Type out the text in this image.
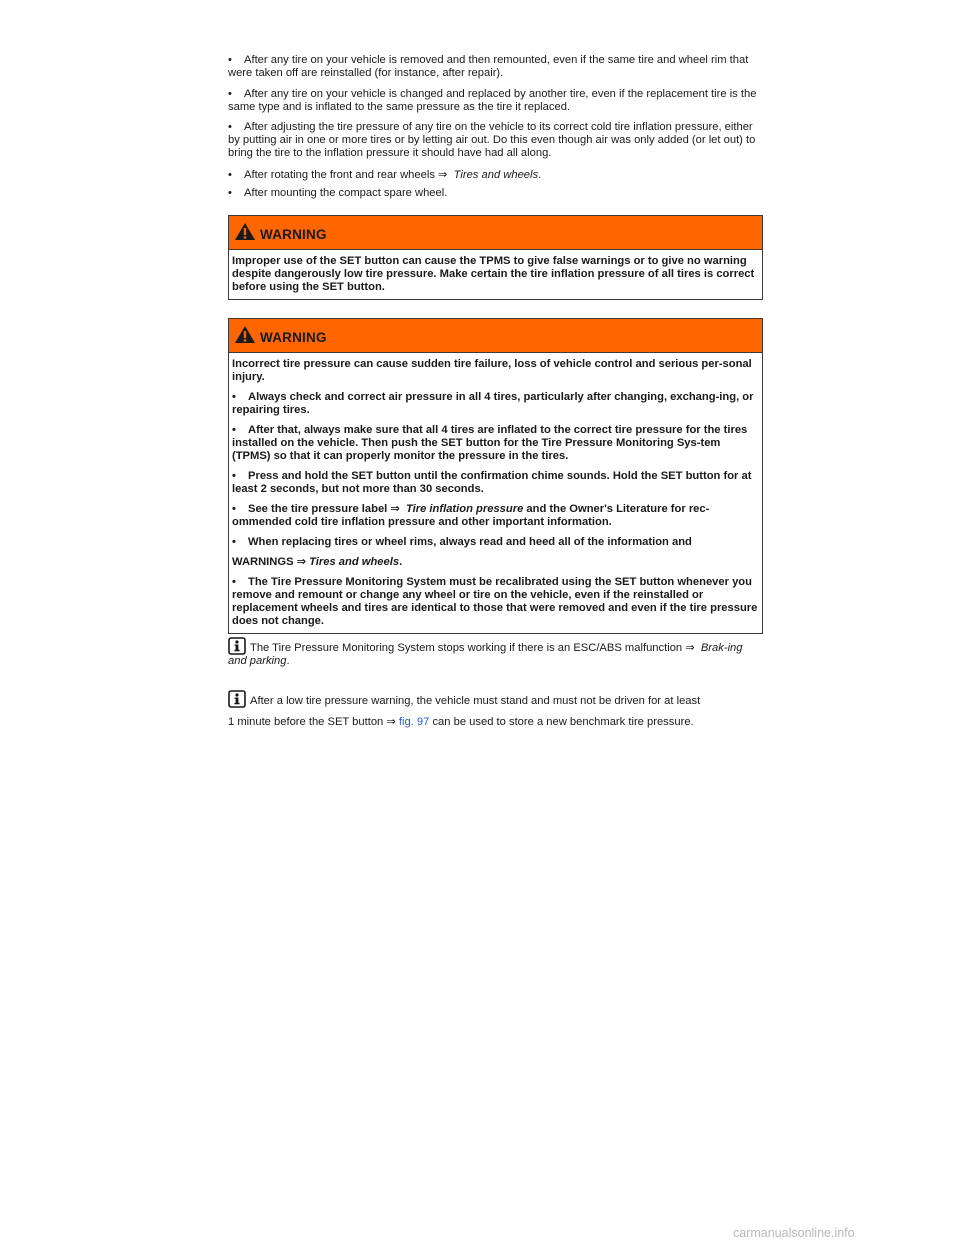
• After any tire on your vehicle is removed and then remounted, even if the same tire and wheel rim that were taken off are reinstalled (for instance, after repair).
• After any tire on your vehicle is changed and replaced by another tire, even if the replacement tire is the same type and is inflated to the same pressure as the tire it replaced.
• After adjusting the tire pressure of any tire on the vehicle to its correct cold tire inflation pressure, either by putting air in one or more tires or by letting air out. Do this even though air was only added (or let out) to bring the tire to the inflation pressure it should have had all along.
• After rotating the front and rear wheels ⇒ Tires and wheels.
• After mounting the compact spare wheel.
WARNING

Improper use of the SET button can cause the TPMS to give false warnings or to give no warning despite dangerously low tire pressure. Make certain the tire inflation pressure of all tires is correct before using the SET button.

WARNING

Incorrect tire pressure can cause sudden tire failure, loss of vehicle control and serious per-sonal injury.

• Always check and correct air pressure in all 4 tires, particularly after changing, exchang-ing, or repairing tires.

• After that, always make sure that all 4 tires are inflated to the correct tire pressure for the tires installed on the vehicle. Then push the SET button for the Tire Pressure Monitoring Sys-tem (TPMS) so that it can properly monitor the pressure in the tires.

• Press and hold the SET button until the confirmation chime sounds. Hold the SET button for at least 2 seconds, but not more than 30 seconds.

• See the tire pressure label ⇒ Tire inflation pressure and the Owner's Literature for rec-ommended cold tire inflation pressure and other important information.

• When replacing tires or wheel rims, always read and heed all of the information and

WARNINGS ⇒ Tires and wheels.

• The Tire Pressure Monitoring System must be recalibrated using the SET button whenever you remove and remount or change any wheel or tire on the vehicle, even if the reinstalled or replacement wheels and tires are identical to those that were removed and even if the tire pressure does not change.

The Tire Pressure Monitoring System stops working if there is an ESC/ABS malfunction ⇒ Brak-ing and parking.
After a low tire pressure warning, the vehicle must stand and must not be driven for at least
1 minute before the SET button ⇒ fig. 97 can be used to store a new benchmark tire pressure.
carmanualsonline.info
